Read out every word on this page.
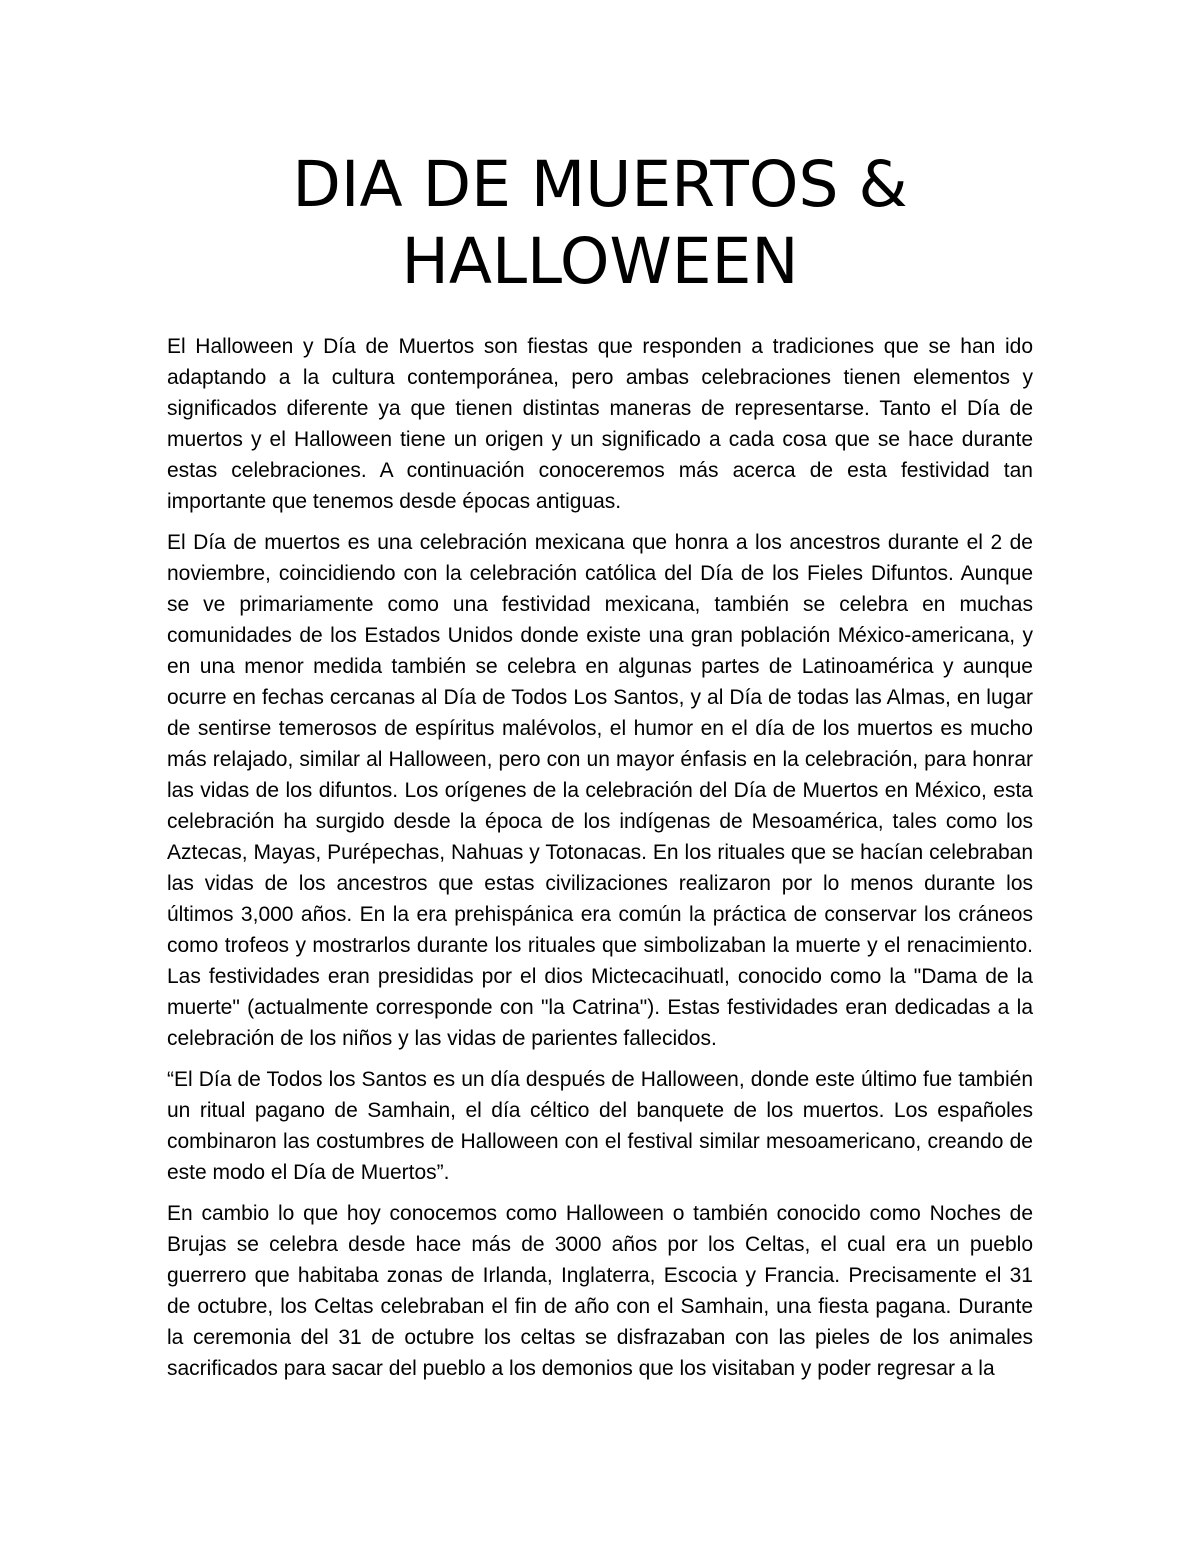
DIA DE MUERTOS & HALLOWEEN

El Halloween y Día de Muertos son fiestas que responden a tradiciones que se han ido adaptando a la cultura contemporánea, pero ambas celebraciones tienen elementos y significados diferente ya que tienen distintas maneras de representarse. Tanto el Día de muertos y el Halloween tiene un origen y un significado a cada cosa que se hace durante estas celebraciones. A continuación conoceremos más acerca de esta festividad tan importante que tenemos desde épocas antiguas.

El Día de muertos es una celebración mexicana que honra a los ancestros durante el 2 de noviembre, coincidiendo con la celebración católica del Día de los Fieles Difuntos. Aunque se ve primariamente como una festividad mexicana, también se celebra en muchas comunidades de los Estados Unidos donde existe una gran población México-americana, y en una menor medida también se celebra en algunas partes de Latinoamérica y aunque ocurre en fechas cercanas al Día de Todos Los Santos, y al Día de todas las Almas, en lugar de sentirse temerosos de espíritus malévolos, el humor en el día de los muertos es mucho más relajado, similar al Halloween, pero con un mayor énfasis en la celebración, para honrar las vidas de los difuntos. Los orígenes de la celebración del Día de Muertos en México, esta celebración ha surgido desde la época de los indígenas de Mesoamérica, tales como los Aztecas, Mayas, Purépechas, Nahuas y Totonacas. En los rituales que se hacían celebraban las vidas de los ancestros que estas civilizaciones realizaron por lo menos durante los últimos 3,000 años. En la era prehispánica era común la práctica de conservar los cráneos como trofeos y mostrarlos durante los rituales que simbolizaban la muerte y el renacimiento. Las festividades eran presididas por el dios Mictecacihuatl, conocido como la "Dama de la muerte" (actualmente corresponde con "la Catrina"). Estas festividades eran dedicadas a la celebración de los niños y las vidas de parientes fallecidos.

“El Día de Todos los Santos es un día después de Halloween, donde este último fue también un ritual pagano de Samhain, el día céltico del banquete de los muertos. Los españoles combinaron las costumbres de Halloween con el festival similar mesoamericano, creando de este modo el Día de Muertos”.

En cambio lo que hoy conocemos como Halloween o también conocido como Noches de Brujas se celebra desde hace más de 3000 años por los Celtas, el cual era un pueblo guerrero que habitaba zonas de Irlanda, Inglaterra, Escocia y Francia. Precisamente el 31 de octubre, los Celtas celebraban el fin de año con el Samhain, una fiesta pagana. Durante la ceremonia del 31 de octubre los celtas se disfrazaban con las pieles de los animales sacrificados para sacar del pueblo a los demonios que los visitaban y poder regresar a la
